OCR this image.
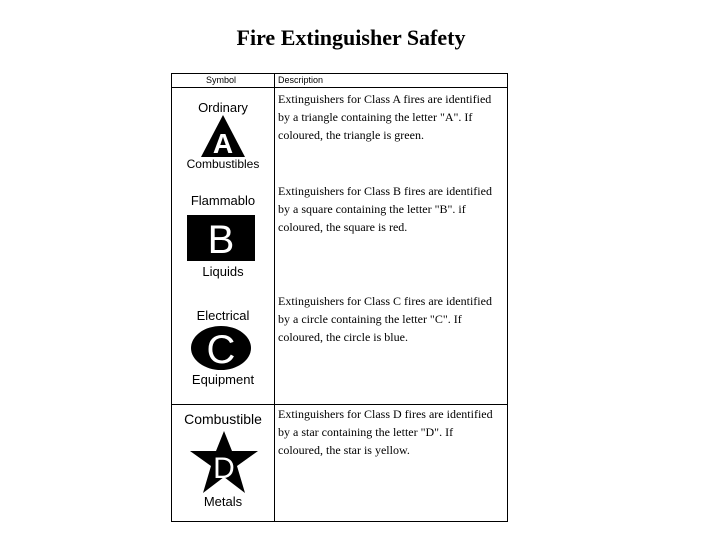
Fire Extinguisher Safety
Symbol	Description
Ordinary
A
Combustibles
Extinguishers for Class A fires are identified
by a triangle containing the letter "A". If
coloured, the triangle is green.
Flammablo
B
Liquids
Extinguishers for Class B fires are identified
by a square containing the letter "B". if
coloured, the square is red.
Electrical
C
Equipment
Extinguishers for Class C fires are identified
by a circle containing the letter "C". If
coloured, the circle is blue.
Combustible
D
Metals
Extinguishers for Class D fires are identified
by a star containing the letter "D". If
coloured, the star is yellow.
